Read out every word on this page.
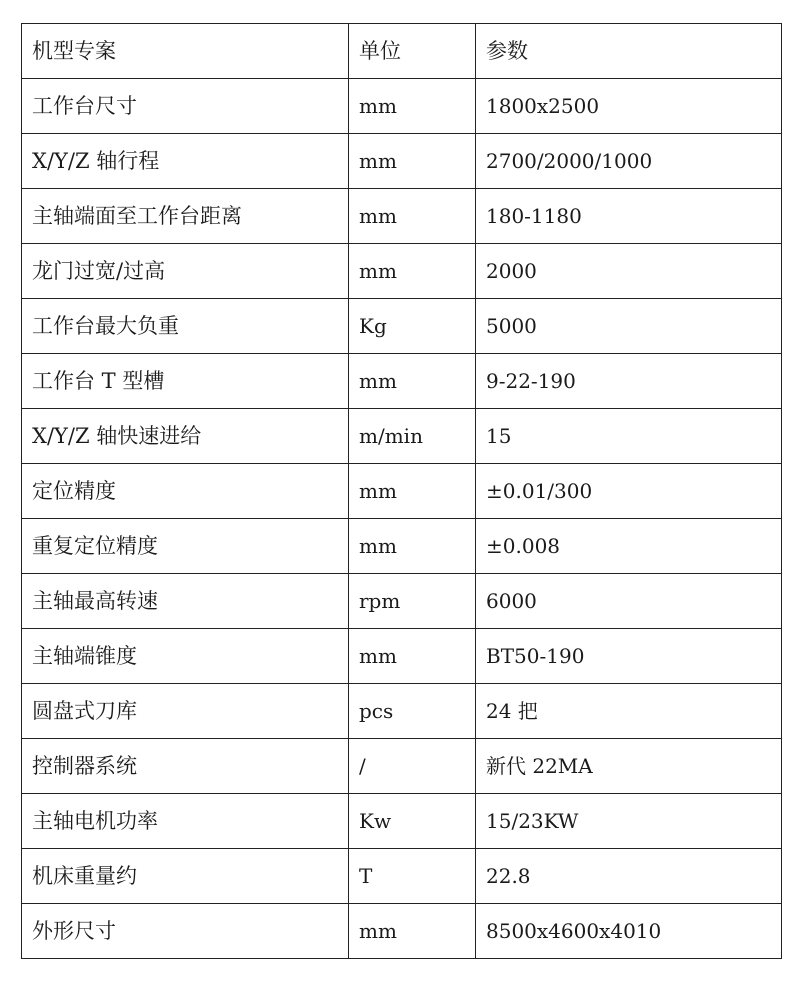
机型专案	单位	参数
工作台尺寸	mm	1800x2500
X/Y/Z 轴行程	mm	2700/2000/1000
主轴端面至工作台距离	mm	180-1180
龙门过宽/过高	mm	2000
工作台最大负重	Kg	5000
工作台 T 型槽	mm	9-22-190
X/Y/Z 轴快速进给	m/min	15
定位精度	mm	±0.01/300
重复定位精度	mm	±0.008
主轴最高转速	rpm	6000
主轴端锥度	mm	BT50-190
圆盘式刀库	pcs	24 把
控制器系统	/	新代 22MA
主轴电机功率	Kw	15/23KW
机床重量约	T	22.8
外形尺寸	mm	8500x4600x4010
